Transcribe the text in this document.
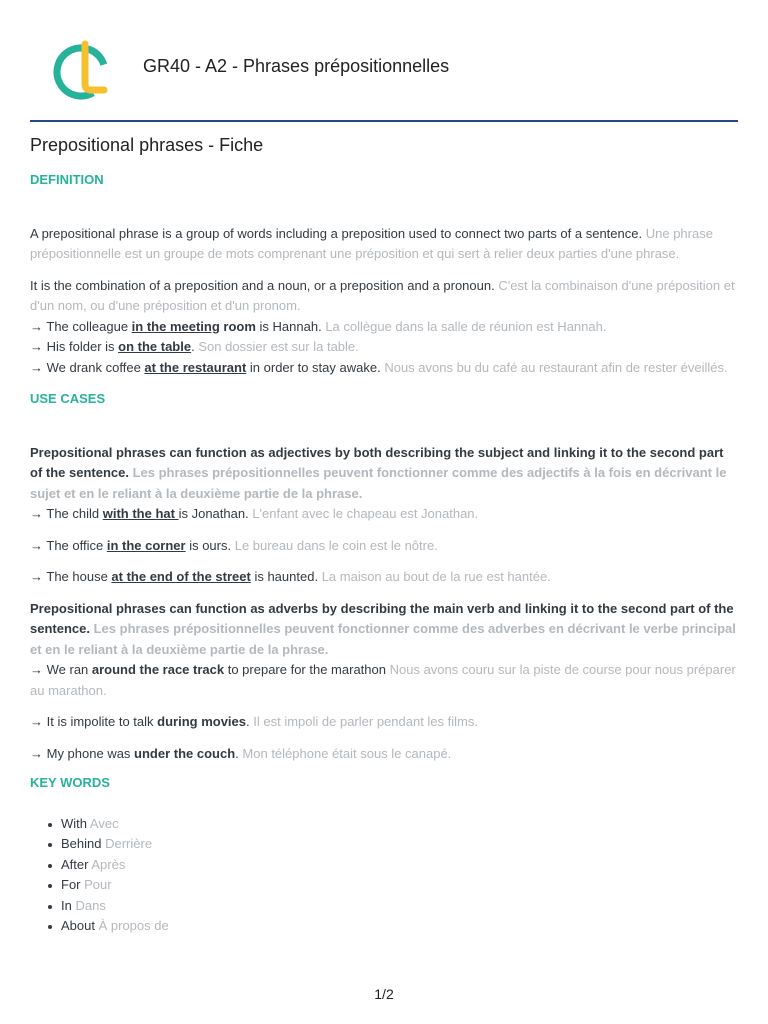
GR40 - A2 - Phrases prépositionnelles
Prepositional phrases - Fiche
DEFINITION

A prepositional phrase is a group of words including a preposition used to connect two parts of a sentence. Une phrase prépositionnelle est un groupe de mots comprenant une préposition et qui sert à relier deux parties d'une phrase.

It is the combination of a preposition and a noun, or a preposition and a pronoun. C'est la combinaison d'une préposition et d'un nom, ou d'une préposition et d'un pronom.

→ The colleague in the meeting room is Hannah. La collègue dans la salle de réunion est Hannah.

→ His folder is on the table. Son dossier est sur la table.

→ We drank coffee at the restaurant in order to stay awake. Nous avons bu du café au restaurant afin de rester éveillés.

USE CASES

Prepositional phrases can function as adjectives by both describing the subject and linking it to the second part of the sentence. Les phrases prépositionnelles peuvent fonctionner comme des adjectifs à la fois en décrivant le sujet et en le reliant à la deuxième partie de la phrase.

→ The child with the hat is Jonathan. L'enfant avec le chapeau est Jonathan.

→ The office in the corner is ours. Le bureau dans le coin est le nôtre.

→ The house at the end of the street is haunted. La maison au bout de la rue est hantée.

Prepositional phrases can function as adverbs by describing the main verb and linking it to the second part of the sentence. Les phrases prépositionnelles peuvent fonctionner comme des adverbes en décrivant le verbe principal et en le reliant à la deuxième partie de la phrase.

→ We ran around the race track to prepare for the marathon Nous avons couru sur la piste de course pour nous préparer au marathon.

→ It is impolite to talk during movies. Il est impoli de parler pendant les films.

→ My phone was under the couch. Mon téléphone était sous le canapé.

KEY WORDS
With Avec
Behind Derrière
After Après
For Pour
In Dans
About À propos de
1/2
